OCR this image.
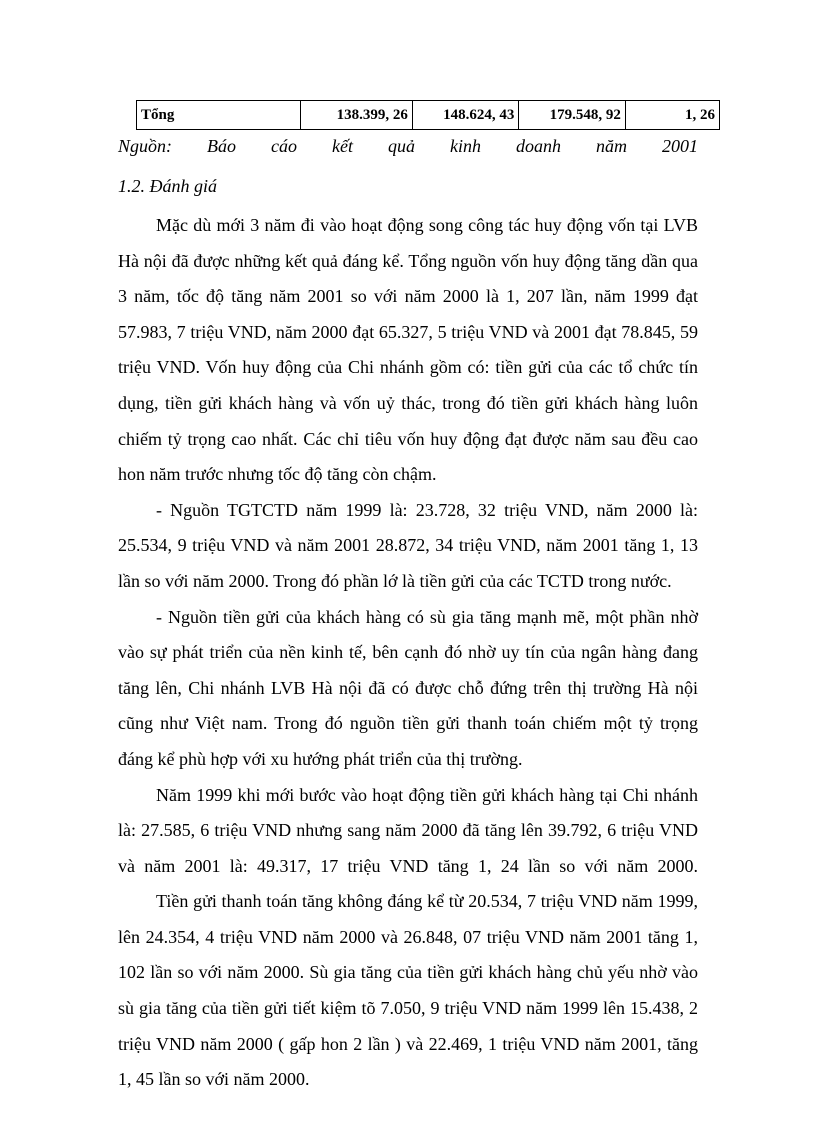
Tổng	138.399, 26	148.624, 43	179.548, 92	1, 26
Nguồn: Báo cáo kết quả kinh doanh năm 2001
1.2. Đánh giá

Mặc dù mới 3 năm đi vào hoạt động song công tác huy động vốn tại LVB Hà nội đã được những kết quả đáng kể. Tổng nguồn vốn huy động tăng dần qua 3 năm, tốc độ tăng năm 2001 so với năm 2000 là 1, 207 lần, năm 1999 đạt 57.983, 7 triệu VND, năm 2000 đạt 65.327, 5 triệu VND và 2001 đạt 78.845, 59 triệu VND. Vốn huy động của Chi nhánh gồm có: tiền gửi của các tổ chức tín dụng, tiền gửi khách hàng và vốn uỷ thác, trong đó tiền gửi khách hàng luôn chiếm tỷ trọng cao nhất. Các chỉ tiêu vốn huy động đạt được năm sau đều cao hon năm trước nhưng tốc độ tăng còn chậm.

- Nguồn TGTCTD năm 1999 là: 23.728, 32 triệu VND, năm 2000 là: 25.534, 9 triệu VND và năm 2001 28.872, 34 triệu VND, năm 2001 tăng 1, 13 lần so với năm 2000. Trong đó phần lớ là tiền gửi của các TCTD trong nước.

- Nguồn tiền gửi của khách hàng có sù gia tăng mạnh mẽ, một phần nhờ vào sự phát triển của nền kinh tế, bên cạnh đó nhờ uy tín của ngân hàng đang tăng lên, Chi nhánh LVB Hà nội đã có được chỗ đứng trên thị trường Hà nội cũng như Việt nam. Trong đó nguồn tiền gửi thanh toán chiếm một tỷ trọng đáng kể phù hợp với xu hướng phát triển của thị trường.

Năm 1999 khi mới bước vào hoạt động tiền gửi khách hàng tại Chi nhánh là: 27.585, 6 triệu VND nhưng sang năm 2000 đã tăng lên 39.792, 6 triệu VND và năm 2001 là: 49.317, 17 triệu VND tăng 1, 24 lần so với năm 2000.

Tiền gửi thanh toán tăng không đáng kể từ 20.534, 7 triệu VND năm 1999, lên 24.354, 4 triệu VND năm 2000 và 26.848, 07 triệu VND năm 2001 tăng 1, 102 lần so với năm 2000. Sù gia tăng của tiền gửi khách hàng chủ yếu nhờ vào sù gia tăng của tiền gửi tiết kiệm tõ 7.050, 9 triệu VND năm 1999 lên 15.438, 2 triệu VND năm 2000 ( gấp hon 2 lần ) và 22.469, 1 triệu VND năm 2001, tăng 1, 45 lần so với năm 2000.
